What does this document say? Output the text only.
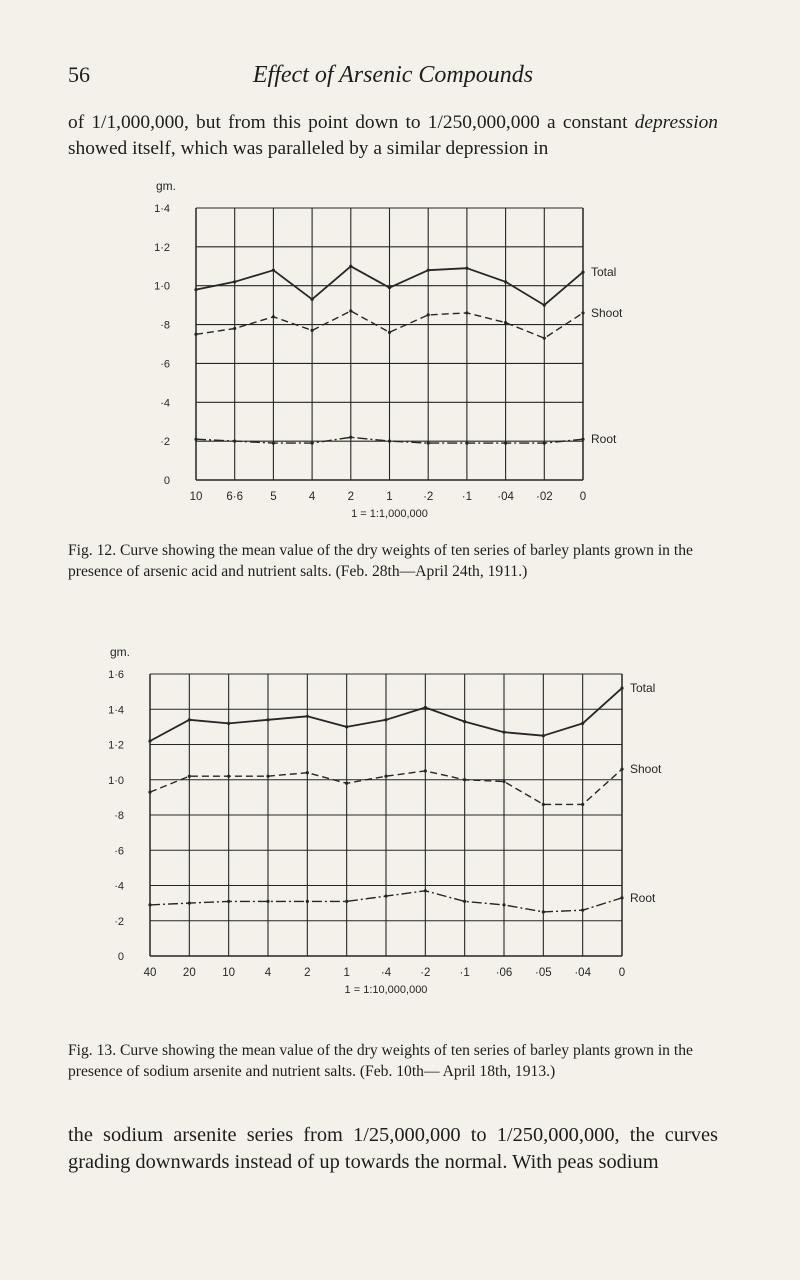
56	Effect of Arsenic Compounds

of 1/1,000,000, but from this point down to 1/250,000,000 a constant depression showed itself, which was paralleled by a similar depression in

1·4
1·2
1·0
·8
·6
·4
·2
0
10 6·6 5	4	2	1	·2 ·1 ·04 ·02 0
gm.
1 = 1:1,000,000
Total
Shoot
Root

Fig. 12. Curve showing the mean value of the dry weights of ten series of barley plants grown in the presence of arsenic acid and nutrient salts. (Feb. 28th—April 24th, 1911.)

1·6
1·4
1·2
1·0
·8
·6
·4
·2
0
40 20 10	4	2	1	·4	·2	·1 ·06 ·05 ·04 0
gm.
1 = 1:10,000,000
Total
Shoot
Root

Fig. 13. Curve showing the mean value of the dry weights of ten series of barley plants grown in the presence of sodium arsenite and nutrient salts. (Feb. 10th— April 18th, 1913.)

the sodium arsenite series from 1/25,000,000 to 1/250,000,000, the curves grading downwards instead of up towards the normal. With peas sodium
